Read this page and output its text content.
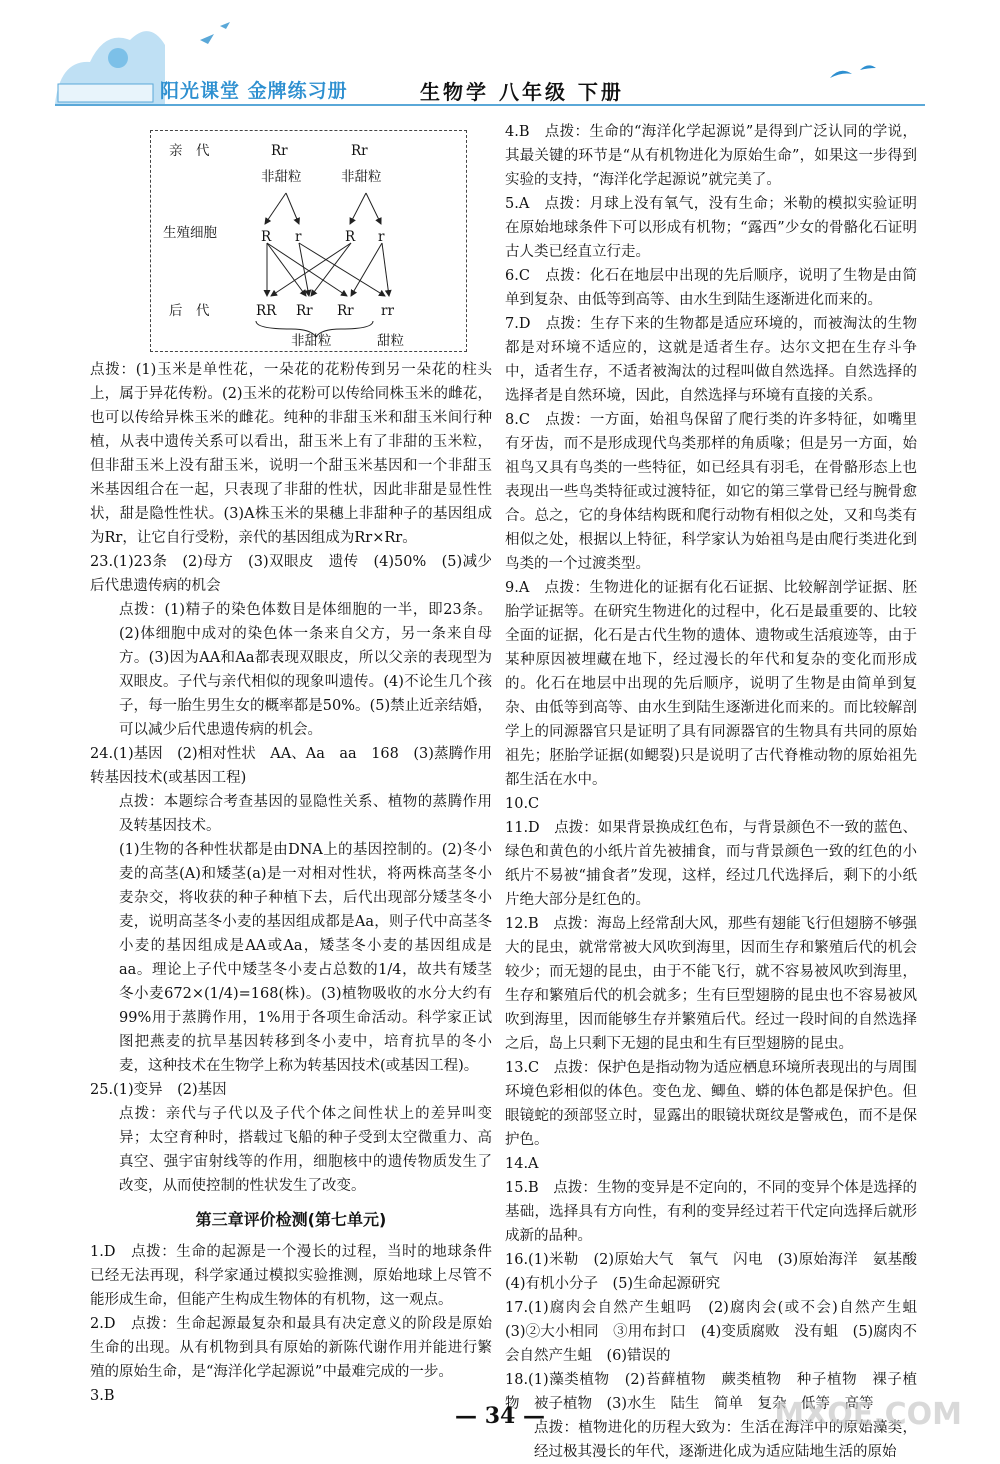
阳光课堂 金牌练习册	生物学 八年级 下册
亲　代	Rr	Rr
非甜粒	非甜粒
生殖细胞	R r	R r
后　代	RR Rr Rr rr
非甜粒	甜粒

点拨：(1)玉米是单性花，一朵花的花粉传到另一朵花的柱头上，属于异花传粉。(2)玉米的花粉可以传给同株玉米的雌花，也可以传给异株玉米的雌花。纯种的非甜玉米和甜玉米间行种植，从表中遗传关系可以看出，甜玉米上有了非甜的玉米粒，但非甜玉米上没有甜玉米，说明一个甜玉米基因和一个非甜玉米基因组合在一起，只表现了非甜的性状，因此非甜是显性性状，甜是隐性性状。(3)A株玉米的果穗上非甜种子的基因组成为Rr，让它自行受粉，亲代的基因组成为Rr×Rr。

23.(1)23条　(2)母方　(3)双眼皮　遗传　(4)50%　(5)减少后代患遗传病的机会

点拨：(1)精子的染色体数目是体细胞的一半，即23条。(2)体细胞中成对的染色体一条来自父方，另一条来自母方。(3)因为AA和Aa都表现双眼皮，所以父亲的表现型为双眼皮。子代与亲代相似的现象叫遗传。(4)不论生几个孩子，每一胎生男生女的概率都是50%。(5)禁止近亲结婚，可以减少后代患遗传病的机会。

24.(1)基因　(2)相对性状　AA、Aa　aa　168　(3)蒸腾作用　转基因技术(或基因工程)

点拨：本题综合考查基因的显隐性关系、植物的蒸腾作用及转基因技术。

(1)生物的各种性状都是由DNA上的基因控制的。(2)冬小麦的高茎(A)和矮茎(a)是一对相对性状，将两株高茎冬小麦杂交，将收获的种子种植下去，后代出现部分矮茎冬小麦，说明高茎冬小麦的基因组成都是Aa，则子代中高茎冬小麦的基因组成是AA或Aa，矮茎冬小麦的基因组成是aa。理论上子代中矮茎冬小麦占总数的1/4，故共有矮茎冬小麦672×(1/4)=168(株)。(3)植物吸收的水分大约有99%用于蒸腾作用，1%用于各项生命活动。科学家正试图把燕麦的抗旱基因转移到冬小麦中，培育抗旱的冬小麦，这种技术在生物学上称为转基因技术(或基因工程)。

25.(1)变异　(2)基因

点拨：亲代与子代以及子代个体之间性状上的差异叫变异；太空育种时，搭载过飞船的种子受到太空微重力、高真空、强宇宙射线等的作用，细胞核中的遗传物质发生了改变，从而使控制的性状发生了改变。

第三章评价检测(第七单元)

1.D　点拨：生命的起源是一个漫长的过程，当时的地球条件已经无法再现，科学家通过模拟实验推测，原始地球上尽管不能形成生命，但能产生构成生物体的有机物，这一观点。

2.D　点拨：生命起源最复杂和最具有决定意义的阶段是原始生命的出现。从有机物到具有原始的新陈代谢作用并能进行繁殖的原始生命，是“海洋化学起源说”中最难完成的一步。

3.B

4.B　点拨：生命的“海洋化学起源说”是得到广泛认同的学说，其最关键的环节是“从有机物进化为原始生命”，如果这一步得到实验的支持，“海洋化学起源说”就完美了。

5.A　点拨：月球上没有氧气，没有生命；米勒的模拟实验证明在原始地球条件下可以形成有机物；“露西”少女的骨骼化石证明古人类已经直立行走。

6.C　点拨：化石在地层中出现的先后顺序，说明了生物是由简单到复杂、由低等到高等、由水生到陆生逐渐进化而来的。

7.D　点拨：生存下来的生物都是适应环境的，而被淘汰的生物都是对环境不适应的，这就是适者生存。达尔文把在生存斗争中，适者生存，不适者被淘汰的过程叫做自然选择。自然选择的选择者是自然环境，因此，自然选择与环境有直接的关系。

8.C　点拨：一方面，始祖鸟保留了爬行类的许多特征，如嘴里有牙齿，而不是形成现代鸟类那样的角质喙；但是另一方面，始祖鸟又具有鸟类的一些特征，如已经具有羽毛，在骨骼形态上也表现出一些鸟类特征或过渡特征，如它的第三掌骨已经与腕骨愈合。总之，它的身体结构既和爬行动物有相似之处，又和鸟类有相似之处，根据以上特征，科学家认为始祖鸟是由爬行类进化到鸟类的一个过渡类型。

9.A　点拨：生物进化的证据有化石证据、比较解剖学证据、胚胎学证据等。在研究生物进化的过程中，化石是最重要的、比较全面的证据，化石是古代生物的遗体、遗物或生活痕迹等，由于某种原因被埋藏在地下，经过漫长的年代和复杂的变化而形成的。化石在地层中出现的先后顺序，说明了生物是由简单到复杂、由低等到高等、由水生到陆生逐渐进化而来的。而比较解剖学上的同源器官只是证明了具有同源器官的生物具有共同的原始祖先；胚胎学证据(如鳃裂)只是说明了古代脊椎动物的原始祖先都生活在水中。

10.C

11.D　点拨：如果背景换成红色布，与背景颜色不一致的蓝色、绿色和黄色的小纸片首先被捕食，而与背景颜色一致的红色的小纸片不易被“捕食者”发现，这样，经过几代选择后，剩下的小纸片绝大部分是红色的。

12.B　点拨：海岛上经常刮大风，那些有翅能飞行但翅膀不够强大的昆虫，就常常被大风吹到海里，因而生存和繁殖后代的机会较少；而无翅的昆虫，由于不能飞行，就不容易被风吹到海里，生存和繁殖后代的机会就多；生有巨型翅膀的昆虫也不容易被风吹到海里，因而能够生存并繁殖后代。经过一段时间的自然选择之后，岛上只剩下无翅的昆虫和生有巨型翅膀的昆虫。

13.C　点拨：保护色是指动物为适应栖息环境所表现出的与周围环境色彩相似的体色。变色龙、鲫鱼、蟒的体色都是保护色。但眼镜蛇的颈部竖立时，显露出的眼镜状斑纹是警戒色，而不是保护色。

14.A

15.B　点拨：生物的变异是不定向的，不同的变异个体是选择的基础，选择具有方向性，有利的变异经过若干代定向选择后就形成新的品种。

16.(1)米勒　(2)原始大气　氧气　闪电　(3)原始海洋　氨基酸　(4)有机小分子　(5)生命起源研究

17.(1)腐肉会自然产生蛆吗　(2)腐肉会(或不会)自然产生蛆　(3)②大小相同　③用布封口　(4)变质腐败　没有蛆　(5)腐肉不会自然产生蛆　(6)错误的

18.(1)藻类植物　(2)苔藓植物　蕨类植物　种子植物　裸子植物　被子植物　(3)水生　陆生　简单　复杂　低等　高等

点拨：植物进化的历程大致为：生活在海洋中的原始藻类，经过极其漫长的年代，逐渐进化成为适应陆地生活的原始

— 34 —	MXQE.COM
